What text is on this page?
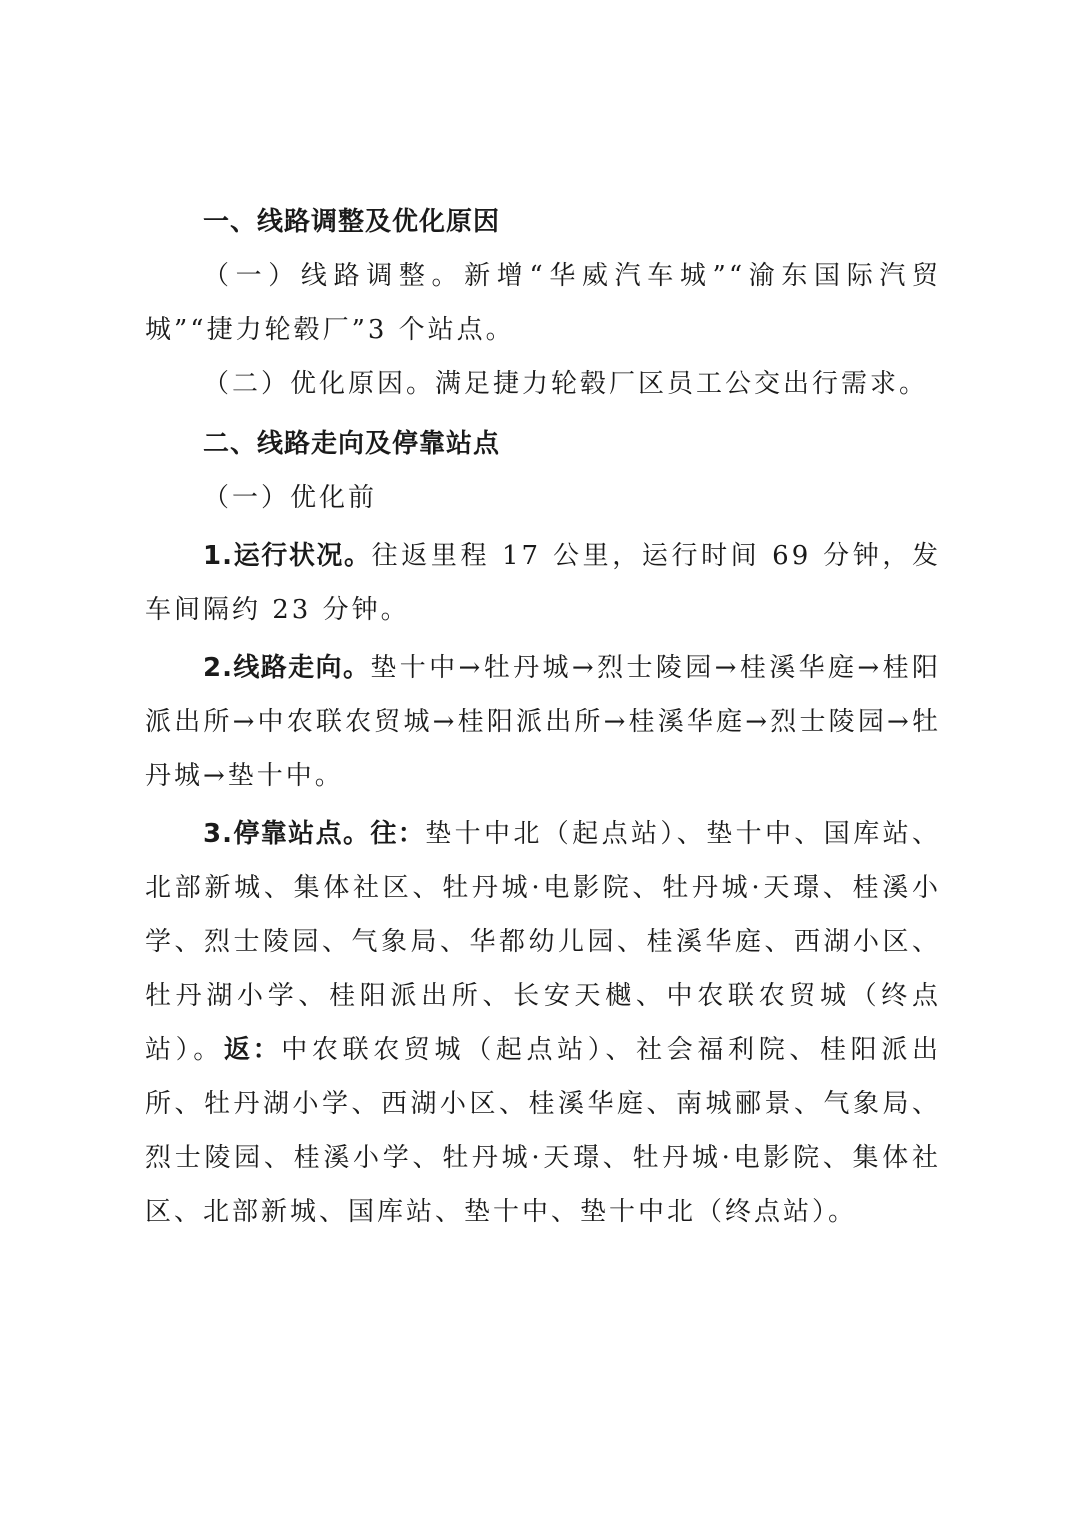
一、线路调整及优化原因

（一）线路调整。新增“华威汽车城”“渝东国际汽贸城”“捷力轮毂厂”3 个站点。

（二）优化原因。满足捷力轮毂厂区员工公交出行需求。

二、线路走向及停靠站点

（一）优化前

1.运行状况。往返里程 17 公里，运行时间 69 分钟，发车间隔约 23 分钟。

2.线路走向。垫十中→牡丹城→烈士陵园→桂溪华庭→桂阳派出所→中农联农贸城→桂阳派出所→桂溪华庭→烈士陵园→牡丹城→垫十中。

3.停靠站点。往：垫十中北（起点站）、垫十中、国库站、北部新城、集体社区、牡丹城·电影院、牡丹城·天璟、桂溪小学、烈士陵园、气象局、华都幼儿园、桂溪华庭、西湖小区、牡丹湖小学、桂阳派出所、长安天樾、中农联农贸城（终点站）。返：中农联农贸城（起点站）、社会福利院、桂阳派出所、牡丹湖小学、西湖小区、桂溪华庭、南城郦景、气象局、烈士陵园、桂溪小学、牡丹城·天璟、牡丹城·电影院、集体社区、北部新城、国库站、垫十中、垫十中北（终点站）。
